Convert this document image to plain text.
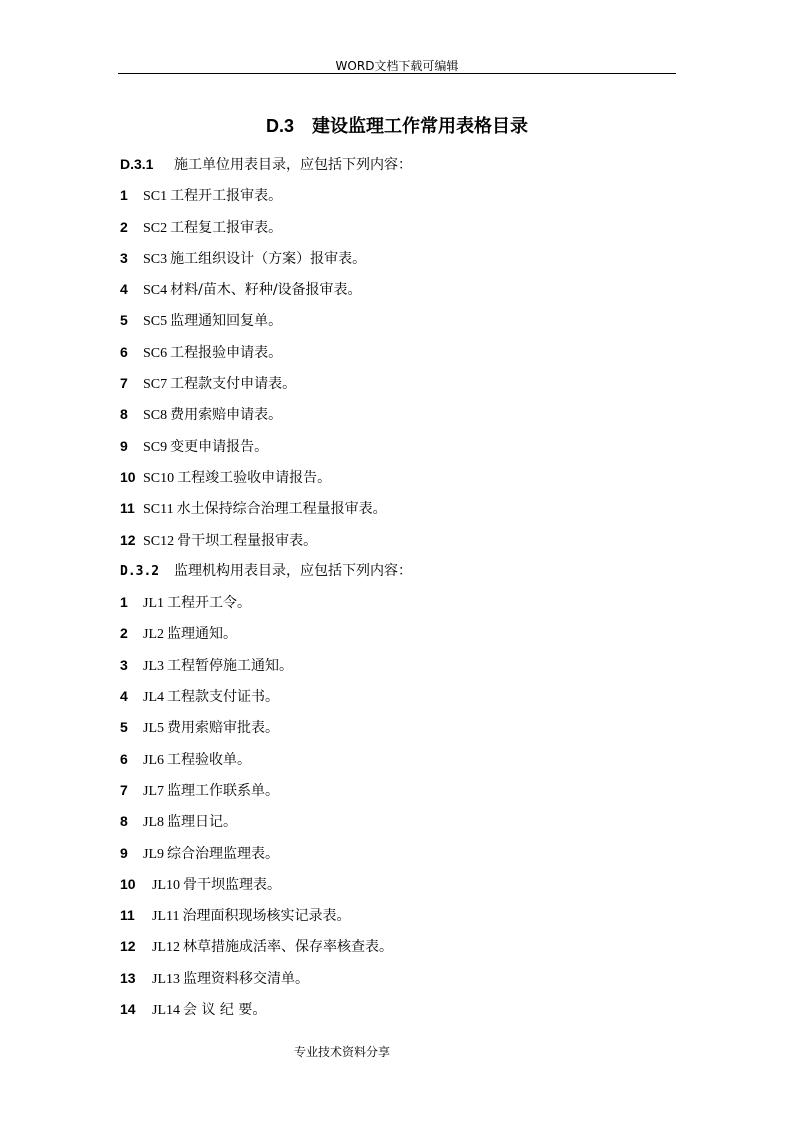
WORD文档下载可编辑
D.3 建设监理工作常用表格目录
D.3.1 施工单位用表目录，应包括下列内容：
1 SC1 工程开工报审表。
2 SC2 工程复工报审表。
3 SC3 施工组织设计（方案）报审表。
4 SC4 材料/苗木、籽种/设备报审表。
5 SC5 监理通知回复单。
6 SC6 工程报验申请表。
7 SC7 工程款支付申请表。
8 SC8 费用索赔申请表。
9 SC9 变更申请报告。
10 SC10 工程竣工验收申请报告。
11 SC11 水土保持综合治理工程量报审表。
12 SC12 骨干坝工程量报审表。
D.3.2 监理机构用表目录，应包括下列内容：
1 JL1 工程开工令。
2 JL2 监理通知。
3 JL3 工程暂停施工通知。
4 JL4 工程款支付证书。
5 JL5 费用索赔审批表。
6 JL6 工程验收单。
7 JL7 监理工作联系单。
8 JL8 监理日记。
9 JL9 综合治理监理表。
10 JL10 骨干坝监理表。
11 JL11 治理面积现场核实记录表。
12 JL12 林草措施成活率、保存率核查表。
13 JL13 监理资料移交清单。
14 JL14 会 议 纪 要。
专业技术资料分享
